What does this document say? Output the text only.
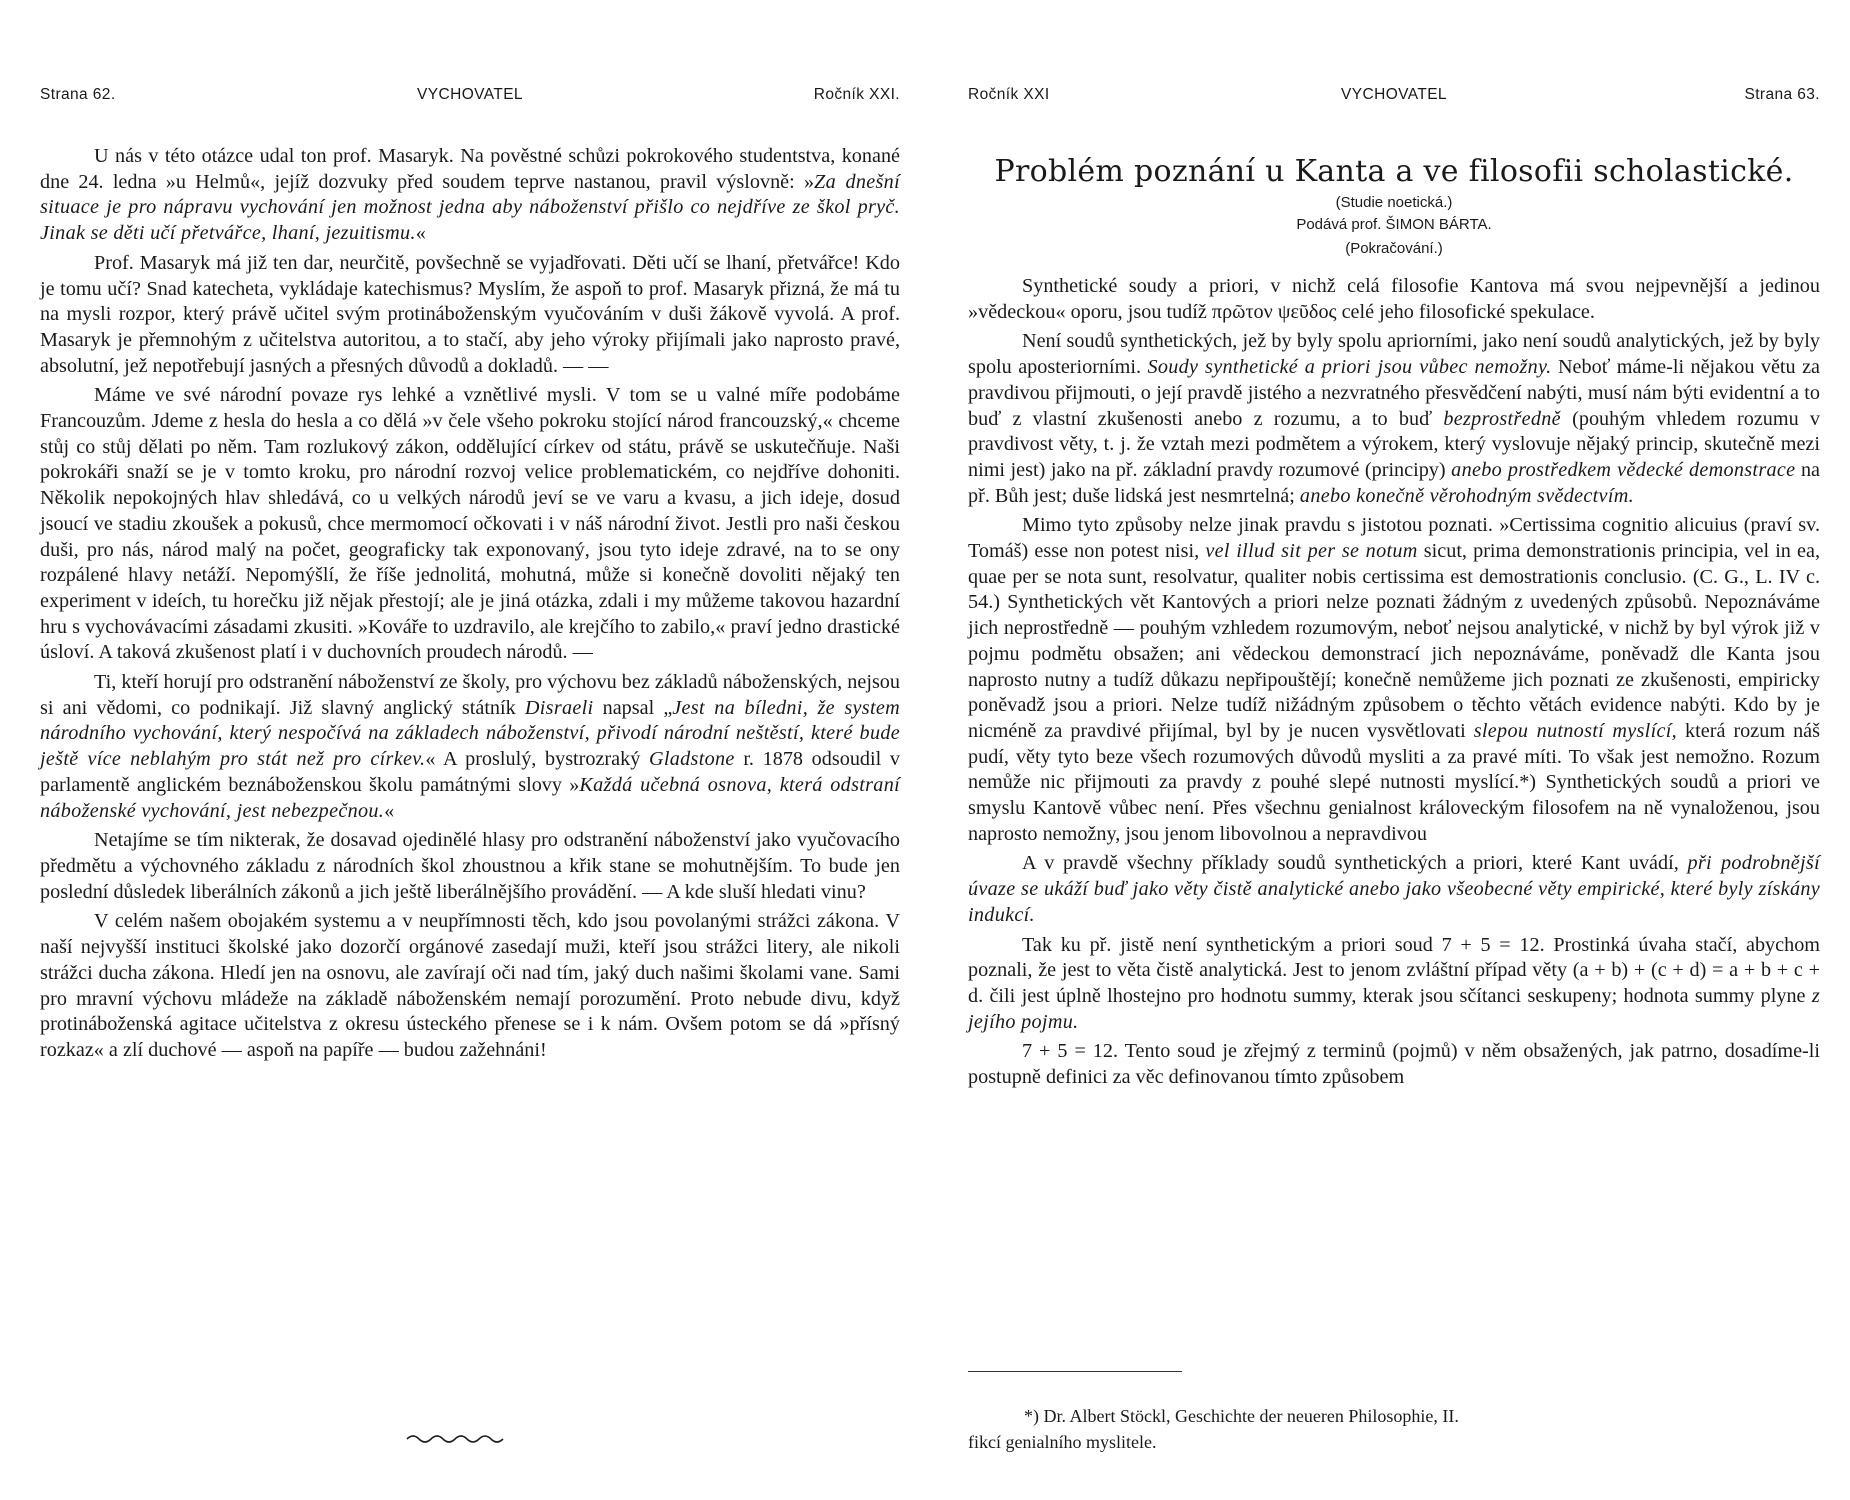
Strana 62.	VYCHOVATEL	Ročník XXI.

U nás v této otázce udal ton prof. Masaryk. Na pověstné schůzi pokrokového studentstva, konané dne 24. ledna »u Helmů«, jejíž dozvuky před soudem teprve nastanou, pravil výslovně: »Za dnešní situace je pro nápravu vychování jen možnost jedna aby náboženství přišlo co nejdříve ze škol pryč. Jinak se děti učí přetvářce, lhaní, jezuitismu.«

Prof. Masaryk má již ten dar, neurčitě, povšechně se vyjadřovati. Děti učí se lhaní, přetvářce! Kdo je tomu učí? Snad katecheta, vykládaje katechismus? Myslím, že aspoň to prof. Masaryk přizná, že má tu na mysli rozpor, který právě učitel svým protináboženským vyučováním v duši žákově vyvolá. A prof. Masaryk je přemnohým z učitelstva autoritou, a to stačí, aby jeho výroky přijímali jako naprosto pravé, absolutní, jež nepotřebují jasných a přesných důvodů a dokladů. — —

Máme ve své národní povaze rys lehké a vznětlivé mysli. V tom se u valné míře podobáme Francouzům. Jdeme z hesla do hesla a co dělá »v čele všeho pokroku stojící národ francouzský,« chceme stůj co stůj dělati po něm. Tam rozlukový zákon, oddělující církev od státu, právě se uskutečňuje. Naši pokrokáři snaží se je v tomto kroku, pro národní rozvoj velice problematickém, co nejdříve dohoniti. Několik nepokojných hlav shledává, co u velkých národů jeví se ve varu a kvasu, a jich ideje, dosud jsoucí ve stadiu zkoušek a pokusů, chce mermomocí očkovati i v náš národní život. Jestli pro naši českou duši, pro nás, národ malý na počet, geograficky tak exponovaný, jsou tyto ideje zdravé, na to se ony rozpálené hlavy netáží. Nepomýšlí, že říše jednolitá, mohutná, může si konečně dovoliti nějaký ten experiment v ideích, tu horečku již nějak přestojí; ale je jiná otázka, zdali i my můžeme takovou hazardní hru s vychovávacími zásadami zkusiti. »Kováře to uzdravilo, ale krejčího to zabilo,« praví jedno drastické úsloví. A taková zkušenost platí i v duchovních proudech národů. —

Ti, kteří horují pro odstranění náboženství ze školy, pro výchovu bez základů náboženských, nejsou si ani vědomi, co podnikají. Již slavný anglický státník Disraeli napsal „Jest na bíledni, že system národního vychování, který nespočívá na základech náboženství, přivodí národní neštěstí, které bude ještě více neblahým pro stát než pro církev.« A proslulý, bystrozraký Gladstone r. 1878 odsoudil v parlamentě anglickém beznáboženskou školu památnými slovy »Každá učebná osnova, která odstraní náboženské vychování, jest nebezpečnou.«

Netajíme se tím nikterak, že dosavad ojedinělé hlasy pro odstranění náboženství jako vyučovacího předmětu a výchovného základu z národních škol zhoustnou a křik stane se mohutnějším. To bude jen poslední důsledek liberálních zákonů a jich ještě liberálnějšího provádění. — A kde sluší hledati vinu?

V celém našem obojakém systemu a v neupřímnosti těch, kdo jsou povolanými strážci zákona. V naší nejvyšší instituci školské jako dozorčí orgánové zasedají muži, kteří jsou strážci litery, ale nikoli strážci ducha zákona. Hledí jen na osnovu, ale zavírají oči nad tím, jaký duch našimi školami vane. Sami pro mravní výchovu mládeže na základě náboženském nemají porozumění. Proto nebude divu, když protináboženská agitace učitelstva z okresu ústeckého přenese se i k nám. Ovšem potom se dá »přísný rozkaz« a zlí duchové — aspoň na papíře — budou zažehnáni!

Ročník XXI	VYCHOVATEL	Strana 63.
Problém poznání u Kanta a ve filosofii scholastické.
(Studie noetická.)
Podává prof. ŠIMON BÁRTA.
(Pokračování.)

Synthetické soudy a priori, v nichž celá filosofie Kantova má svou nejpevnější a jedinou »vědeckou« oporu, jsou tudíž πρῶτον ψεῦδος celé jeho filosofické spekulace.

Není soudů synthetických, jež by byly spolu apriorními, jako není soudů analytických, jež by byly spolu aposteriorními. Soudy synthetické a priori jsou vůbec nemožny. Neboť máme-li nějakou větu za pravdivou přijmouti, o její pravdě jistého a nezvratného přesvědčení nabýti, musí nám býti evidentní a to buď z vlastní zkušenosti anebo z rozumu, a to buď bezprostředně (pouhým vhledem rozumu v pravdivost věty, t. j. že vztah mezi podmětem a výrokem, který vyslovuje nějaký princip, skutečně mezi nimi jest) jako na př. základní pravdy rozumové (principy) anebo prostředkem vědecké demonstrace na př. Bůh jest; duše lidská jest nesmrtelná; anebo konečně věrohodným svědectvím.

Mimo tyto způsoby nelze jinak pravdu s jistotou poznati. »Certissima cognitio alicuius (praví sv. Tomáš) esse non potest nisi, vel illud sit per se notum sicut, prima demonstrationis principia, vel in ea, quae per se nota sunt, resolvatur, qualiter nobis certissima est demostrationis conclusio. (C. G., L. IV c. 54.) Synthetických vět Kantových a priori nelze poznati žádným z uvedených způsobů. Nepoznáváme jich neprostředně — pouhým vzhledem rozumovým, neboť nejsou analytické, v nichž by byl výrok již v pojmu podmětu obsažen; ani vědeckou demonstrací jich nepoznáváme, poněvadž dle Kanta jsou naprosto nutny a tudíž důkazu nepřipouštějí; konečně nemůžeme jich poznati ze zkušenosti, empiricky poněvadž jsou a priori. Nelze tudíž nižádným způsobem o těchto větách evidence nabýti. Kdo by je nicméně za pravdivé přijímal, byl by je nucen vysvětlovati slepou nutností myslící, která rozum náš pudí, věty tyto beze všech rozumových důvodů mysliti a za pravé míti. To však jest nemožno. Rozum nemůže nic přijmouti za pravdy z pouhé slepé nutnosti myslící.*) Synthetických soudů a priori ve smyslu Kantově vůbec není. Přes všechnu genialnost královeckým filosofem na ně vynaloženou, jsou naprosto nemožny, jsou jenom libovolnou a nepravdivou

A v pravdě všechny příklady soudů synthetických a priori, které Kant uvádí, při podrobnější úvaze se ukáží buď jako věty čistě analytické anebo jako všeobecné věty empirické, které byly získány indukcí.

Tak ku př. jistě není synthetickým a priori soud 7 + 5 = 12. Prostinká úvaha stačí, abychom poznali, že jest to věta čistě analytická. Jest to jenom zvláštní případ věty (a + b) + (c + d) = a + b + c + d. čili jest úplně lhostejno pro hodnotu summy, kterak jsou sčítanci seskupeny; hodnota summy plyne z jejího pojmu.

7 + 5 = 12. Tento soud je zřejmý z terminů (pojmů) v něm obsažených, jak patrno, dosadíme-li postupně definici za věc definovanou tímto způsobem

*) Dr. Albert Stöckl, Geschichte der neueren Philosophie, II.
fikcí genialního myslitele.
